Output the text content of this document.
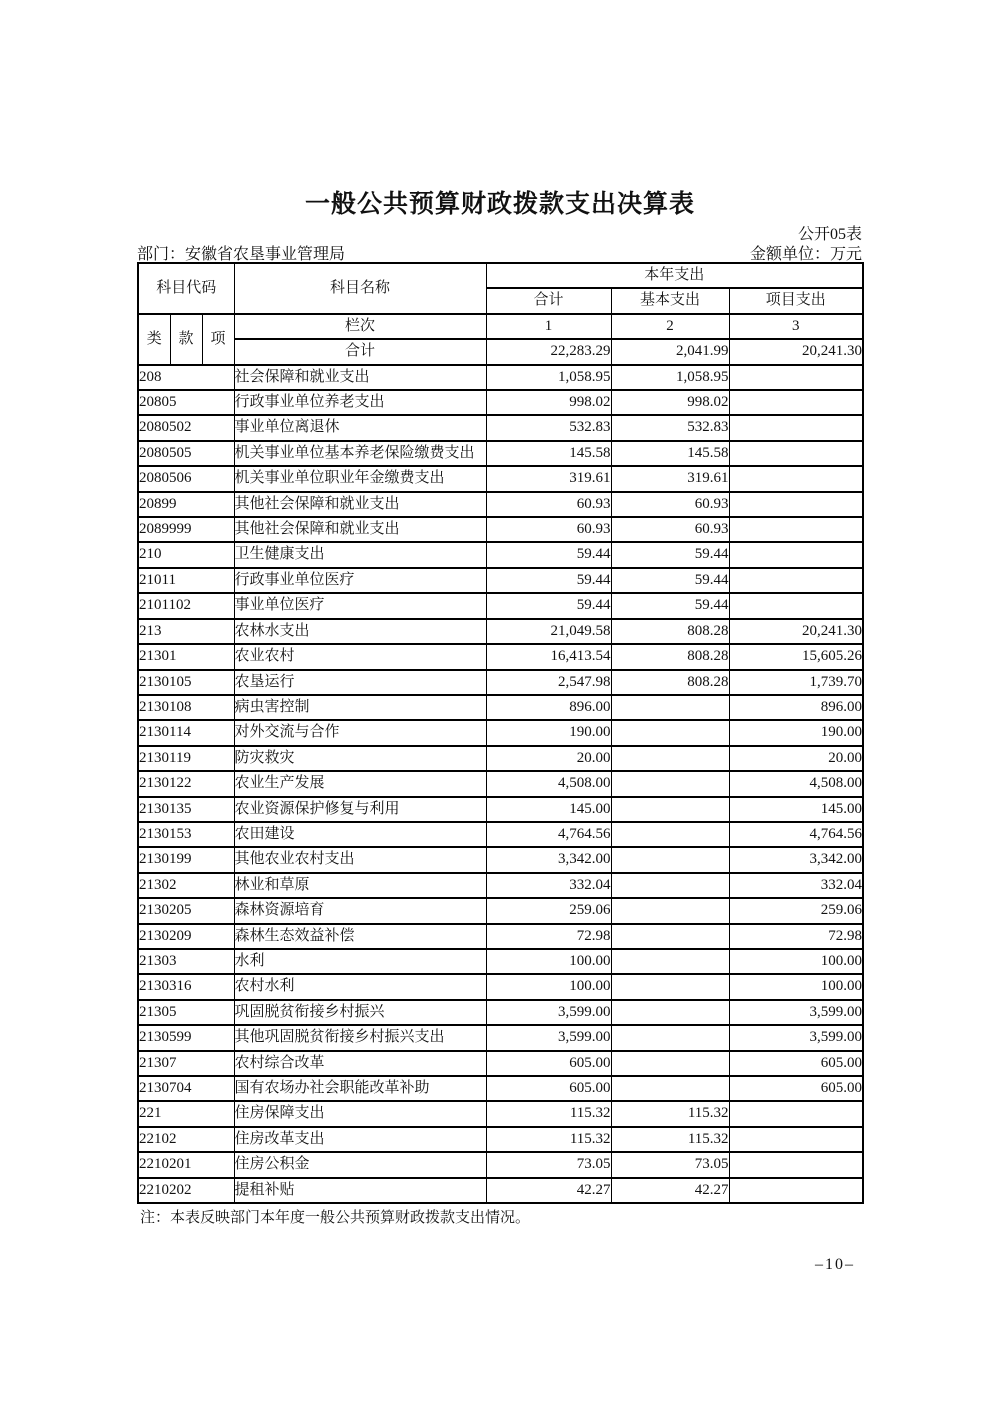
一般公共预算财政拨款支出决算表
公开05表
部门：安徽省农垦事业管理局	金额单位：万元
科目代码			科目名称	本年支出		
				合计	基本支出	项目支出
类	款	项	栏次	1	2	3
			合计	22,283.29	2,041.99	20,241.30
208			社会保障和就业支出	1,058.95	1,058.95	
20805			行政事业单位养老支出	998.02	998.02	
2080502			事业单位离退休	532.83	532.83	
2080505			机关事业单位基本养老保险缴费支出	145.58	145.58	
2080506			机关事业单位职业年金缴费支出	319.61	319.61	
20899			其他社会保障和就业支出	60.93	60.93	
2089999			其他社会保障和就业支出	60.93	60.93	
210			卫生健康支出	59.44	59.44	
21011			行政事业单位医疗	59.44	59.44	
2101102			事业单位医疗	59.44	59.44	
213			农林水支出	21,049.58	808.28	20,241.30
21301			农业农村	16,413.54	808.28	15,605.26
2130105			农垦运行	2,547.98	808.28	1,739.70
2130108			病虫害控制	896.00		896.00
2130114			对外交流与合作	190.00		190.00
2130119			防灾救灾	20.00		20.00
2130122			农业生产发展	4,508.00		4,508.00
2130135			农业资源保护修复与利用	145.00		145.00
2130153			农田建设	4,764.56		4,764.56
2130199			其他农业农村支出	3,342.00		3,342.00
21302			林业和草原	332.04		332.04
2130205			森林资源培育	259.06		259.06
2130209			森林生态效益补偿	72.98		72.98
21303			水利	100.00		100.00
2130316			农村水利	100.00		100.00
21305			巩固脱贫衔接乡村振兴	3,599.00		3,599.00
2130599			其他巩固脱贫衔接乡村振兴支出	3,599.00		3,599.00
21307			农村综合改革	605.00		605.00
2130704			国有农场办社会职能改革补助	605.00		605.00
221			住房保障支出	115.32	115.32	
22102			住房改革支出	115.32	115.32	
2210201			住房公积金	73.05	73.05	
2210202			提租补贴	42.27	42.27	
注：本表反映部门本年度一般公共预算财政拨款支出情况。
–10–
